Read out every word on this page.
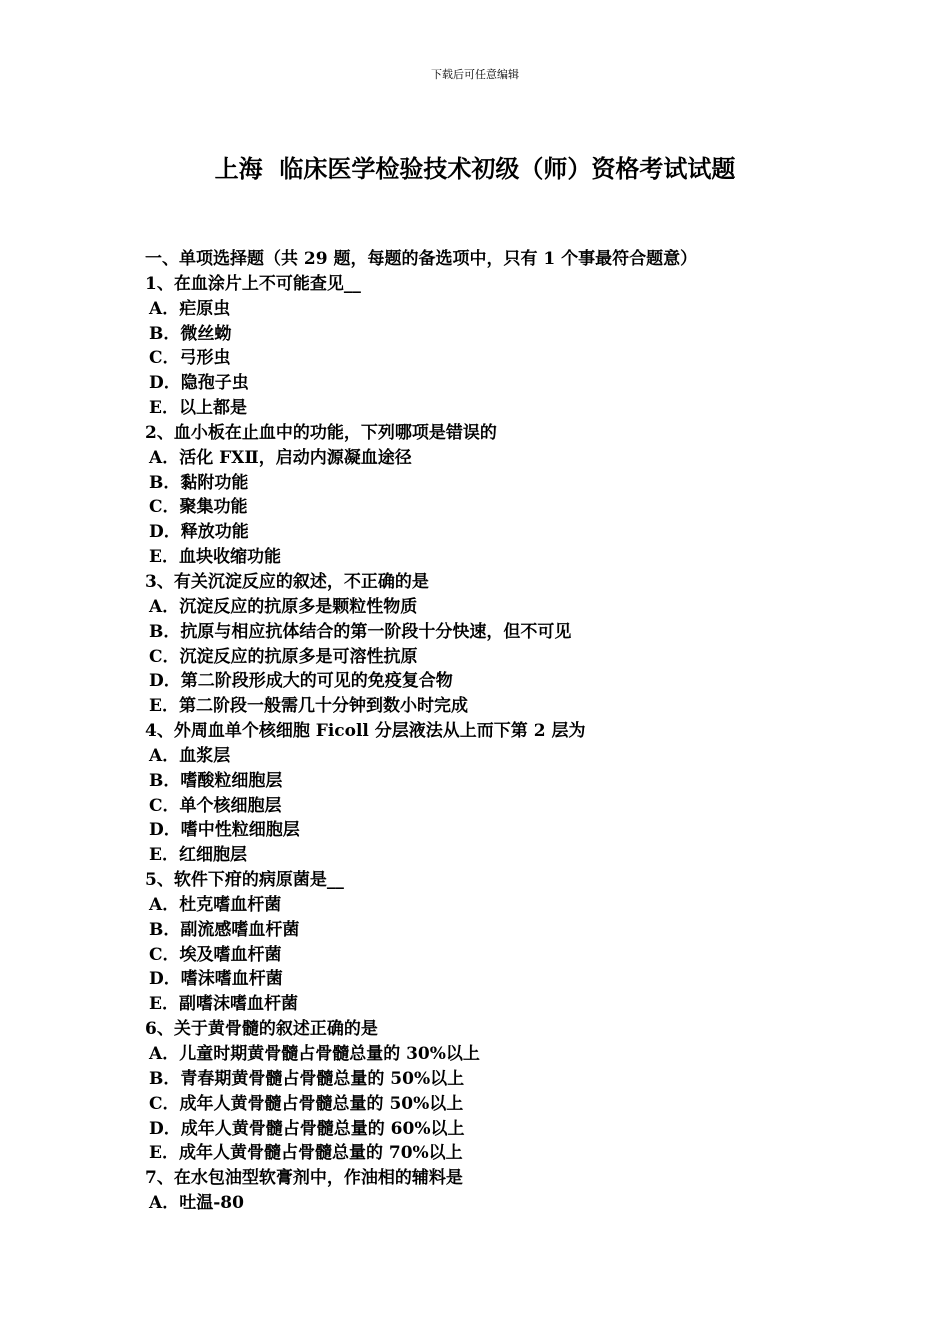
下载后可任意编辑
上海  临床医学检验技术初级（师）资格考试试题
一、单项选择题（共 29 题，每题的备选项中，只有 1 个事最符合题意）
1、在血涂片上不可能查见__
A．疟原虫
B．微丝蚴
C．弓形虫
D．隐孢子虫
E．以上都是
2、血小板在止血中的功能，下列哪项是错误的
A．活化 FXⅡ，启动内源凝血途径
B．黏附功能
C．聚集功能
D．释放功能
E．血块收缩功能
3、有关沉淀反应的叙述，不正确的是
A．沉淀反应的抗原多是颗粒性物质
B．抗原与相应抗体结合的第一阶段十分快速，但不可见
C．沉淀反应的抗原多是可溶性抗原
D．第二阶段形成大的可见的免疫复合物
E．第二阶段一般需几十分钟到数小时完成
4、外周血单个核细胞 Ficoll 分层液法从上而下第 2 层为
A．血浆层
B．嗜酸粒细胞层
C．单个核细胞层
D．嗜中性粒细胞层
E．红细胞层
5、软件下疳的病原菌是__
A．杜克嗜血杆菌
B．副流感嗜血杆菌
C．埃及嗜血杆菌
D．嗜沫嗜血杆菌
E．副嗜沫嗜血杆菌
6、关于黄骨髓的叙述正确的是
A．儿童时期黄骨髓占骨髓总量的 30%以上
B．青春期黄骨髓占骨髓总量的 50%以上
C．成年人黄骨髓占骨髓总量的 50%以上
D．成年人黄骨髓占骨髓总量的 60%以上
E．成年人黄骨髓占骨髓总量的 70%以上
7、在水包油型软膏剂中，作油相的辅料是
A．吐温-80
